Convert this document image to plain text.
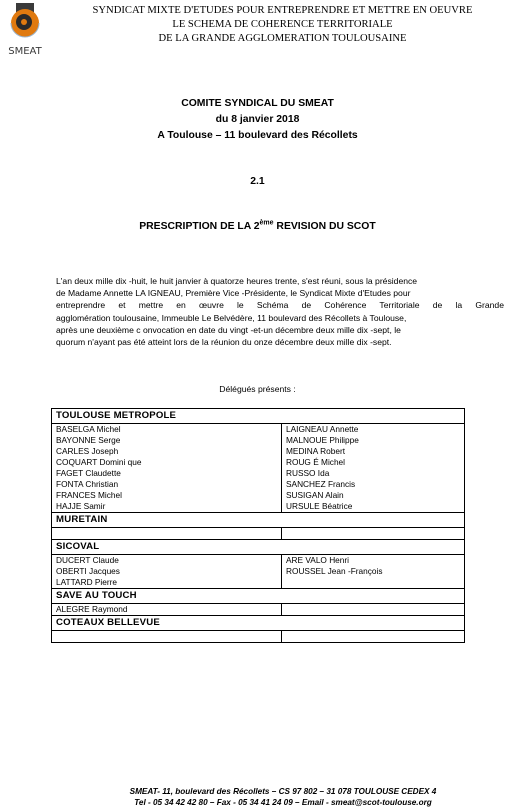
SMEAT
SYNDICAT MIXTE D'ETUDES POUR ENTREPRENDRE ET METTRE EN OEUVRE
LE SCHEMA DE COHERENCE TERRITORIALE
DE LA GRANDE AGGLOMERATION TOULOUSAINE
COMITE SYNDICAL DU SMEAT
du 8 janvier 2018
A Toulouse – 11 boulevard des Récollets
2.1
PRESCRIPTION DE LA 2ème REVISION DU SCOT
L'an deux mille dix -huit, le huit janvier à quatorze heures trente, s'est réuni, sous la présidence
de Madame Annette LA IGNEAU, Première Vice -Présidente, le Syndicat Mixte d'Etudes pour
entreprendre et mettre en œuvre le Schéma de Cohérence Territoriale de la Grande
agglomération toulousaine, Immeuble Le Belvédère, 11 boulevard des Récollets à Toulouse,
après une deuxième c onvocation en date du vingt -et-un décembre deux mille dix -sept, le
quorum n'ayant pas été atteint lors de la réunion du onze décembre deux mille dix -sept.
Délégués présents :
TOULOUSE METROPOLE	
BASELGA Michel	LAIGNEAU Annette
BAYONNE Serge	MALNOUE Philippe
CARLES Joseph	MEDINA Robert
COQUART Domini que	ROUG É Michel
FAGET Claudette	RUSSO Ida
FONTA Christian	SANCHEZ Francis
FRANCES Michel	SUSIGAN Alain
HAJJE Samir	URSULE Béatrice
MURETAIN	

SICOVAL	
DUCERT Claude	ARE VALO Henri
OBERTI Jacques	ROUSSEL Jean -François
LATTARD Pierre	
SAVE AU TOUCH	
ALEGRE Raymond	
COTEAUX BELLEVUE	

SMEAT- 11, boulevard des Récollets – CS 97 802 – 31 078 TOULOUSE CEDEX 4
Tel - 05 34 42 42 80 – Fax - 05 34 41 24 09 – Email - smeat@scot-toulouse.org
